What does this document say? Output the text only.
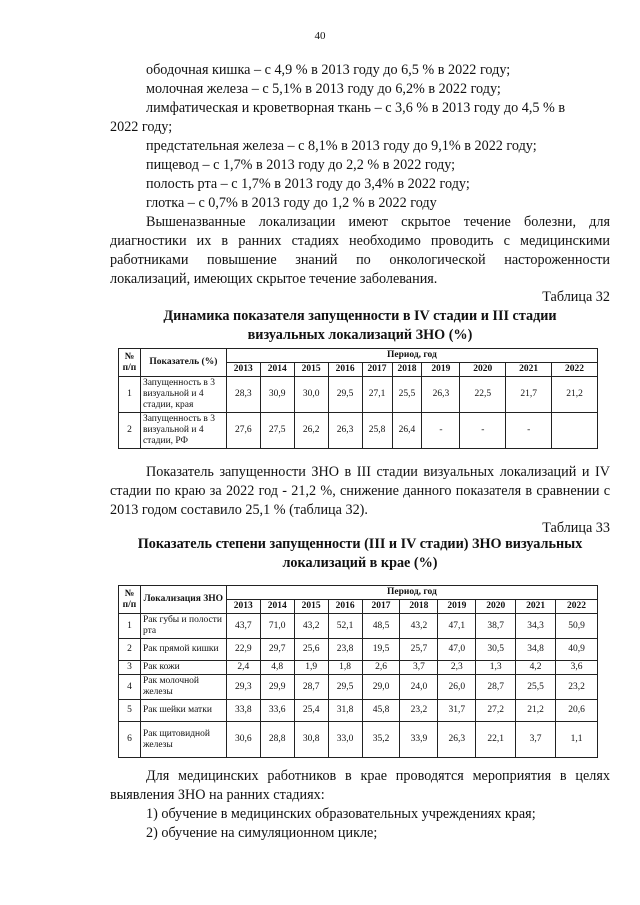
40
ободочная кишка – с 4,9 % в 2013 году до 6,5 % в 2022 году;
молочная железа – с 5,1% в 2013 году до 6,2% в 2022 году;
лимфатическая и кроветворная ткань – с 3,6 % в 2013 году до 4,5 % в
2022 году;
предстательная железа – с 8,1% в 2013 году до 9,1% в 2022 году;
пищевод – с 1,7% в 2013 году до 2,2 % в 2022 году;
полость рта – с 1,7% в 2013 году до 3,4% в 2022 году;
глотка – с 0,7% в 2013 году до 1,2 % в 2022 году
Вышеназванные локализации имеют скрытое течение болезни, для диагностики их в ранних стадиях необходимо проводить с медицинскими работниками повышение знаний по онкологической настороженности локализаций, имеющих скрытое течение заболевания.
Таблица 32
Динамика показателя запущенности в IV стадии и III стадии
визуальных локализаций ЗНО (%)
№ п/п	Показатель (%)	Период, год									
		2013	2014	2015	2016	2017	2018	2019	2020	2021	2022
1	Запущенность в 3 визуальной и 4 стадии, края	28,3	30,9	30,0	29,5	27,1	25,5	26,3	22,5	21,7	21,2
2	Запущенность в 3 визуальной и 4 стадии, РФ	27,6	27,5	26,2	26,3	25,8	26,4	-	-	-	
Показатель запущенности ЗНО в III стадии визуальных локализаций и IV стадии по краю за 2022 год - 21,2 %, снижение данного показателя в сравнении с 2013 годом составило 25,1 % (таблица 32).
Таблица 33
Показатель степени запущенности (III и IV стадии) ЗНО визуальных
локализаций в крае (%)
№ п/п	Локализация ЗНО	Период, год									
		2013	2014	2015	2016	2017	2018	2019	2020	2021	2022
1	Рак губы и полости рта	43,7	71,0	43,2	52,1	48,5	43,2	47,1	38,7	34,3	50,9
2	Рак прямой кишки	22,9	29,7	25,6	23,8	19,5	25,7	47,0	30,5	34,8	40,9
3	Рак кожи	2,4	4,8	1,9	1,8	2,6	3,7	2,3	1,3	4,2	3,6
4	Рак молочной железы	29,3	29,9	28,7	29,5	29,0	24,0	26,0	28,7	25,5	23,2
5	Рак шейки матки	33,8	33,6	25,4	31,8	45,8	23,2	31,7	27,2	21,2	20,6
6	Рак щитовидной железы	30,6	28,8	30,8	33,0	35,2	33,9	26,3	22,1	3,7	1,1
Для медицинских работников в крае проводятся мероприятия в целях выявления ЗНО на ранних стадиях:
1) обучение в медицинских образовательных учреждениях края;
2) обучение на симуляционном цикле;
